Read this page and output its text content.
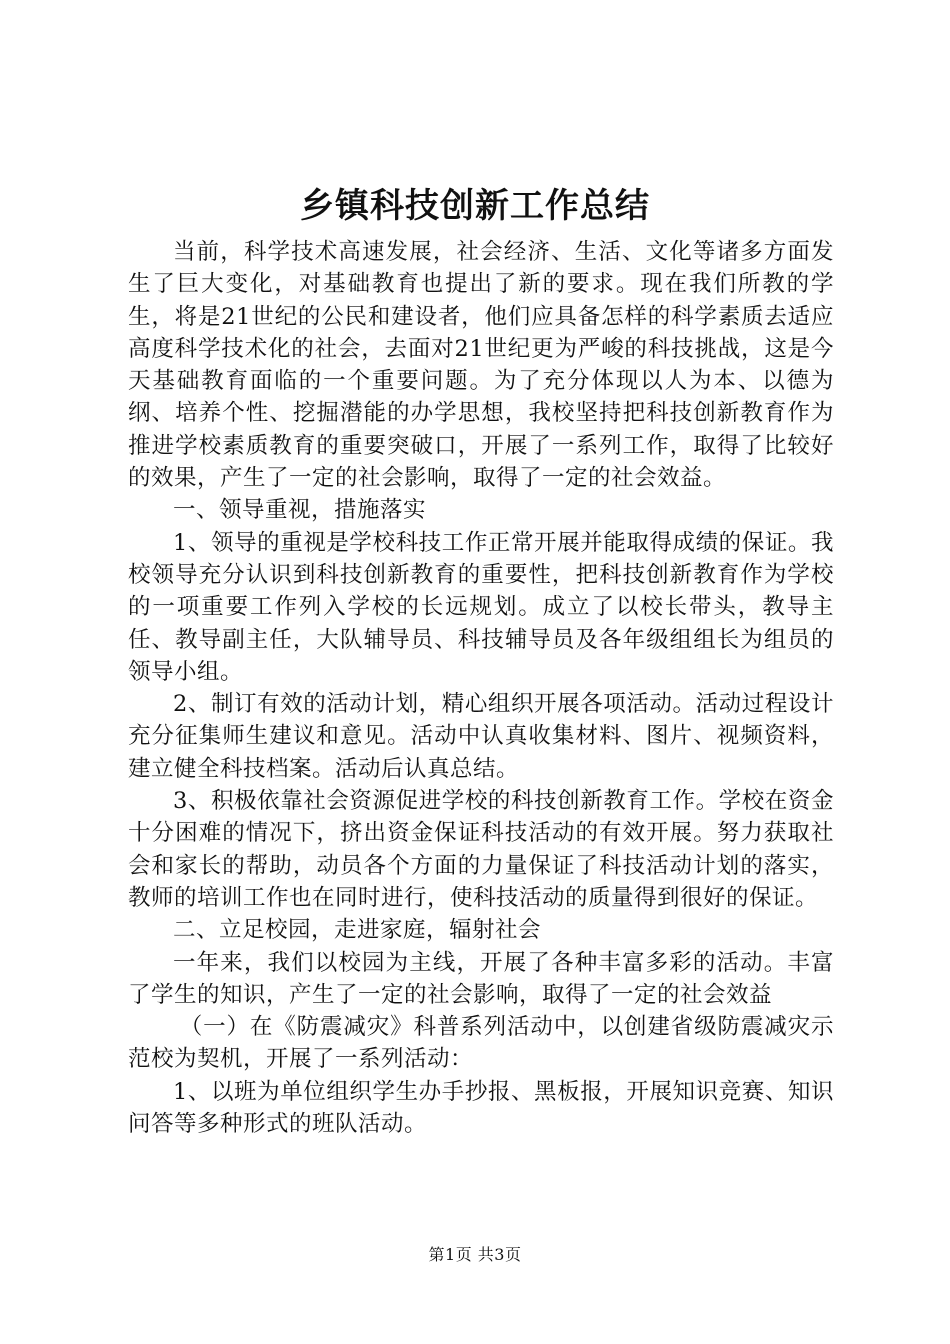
乡镇科技创新工作总结

当前，科学技术高速发展，社会经济、生活、文化等诸多方面发生了巨大变化，对基础教育也提出了新的要求。现在我们所教的学生，将是21世纪的公民和建设者，他们应具备怎样的科学素质去适应高度科学技术化的社会，去面对21世纪更为严峻的科技挑战，这是今天基础教育面临的一个重要问题。为了充分体现以人为本、以德为纲、培养个性、挖掘潜能的办学思想，我校坚持把科技创新教育作为推进学校素质教育的重要突破口，开展了一系列工作，取得了比较好的效果，产生了一定的社会影响，取得了一定的社会效益。

一、领导重视，措施落实

1、领导的重视是学校科技工作正常开展并能取得成绩的保证。我校领导充分认识到科技创新教育的重要性，把科技创新教育作为学校的一项重要工作列入学校的长远规划。成立了以校长带头，教导主任、教导副主任，大队辅导员、科技辅导员及各年级组组长为组员的领导小组。

2、制订有效的活动计划，精心组织开展各项活动。活动过程设计充分征集师生建议和意见。活动中认真收集材料、图片、视频资料，建立健全科技档案。活动后认真总结。

3、积极依靠社会资源促进学校的科技创新教育工作。学校在资金十分困难的情况下，挤出资金保证科技活动的有效开展。努力获取社会和家长的帮助，动员各个方面的力量保证了科技活动计划的落实，教师的培训工作也在同时进行，使科技活动的质量得到很好的保证。

二、立足校园，走进家庭，辐射社会

一年来，我们以校园为主线，开展了各种丰富多彩的活动。丰富了学生的知识，产生了一定的社会影响，取得了一定的社会效益

（一）在《防震减灾》科普系列活动中，以创建省级防震减灾示范校为契机，开展了一系列活动：

1、以班为单位组织学生办手抄报、黑板报，开展知识竞赛、知识问答等多种形式的班队活动。

第1页 共3页
